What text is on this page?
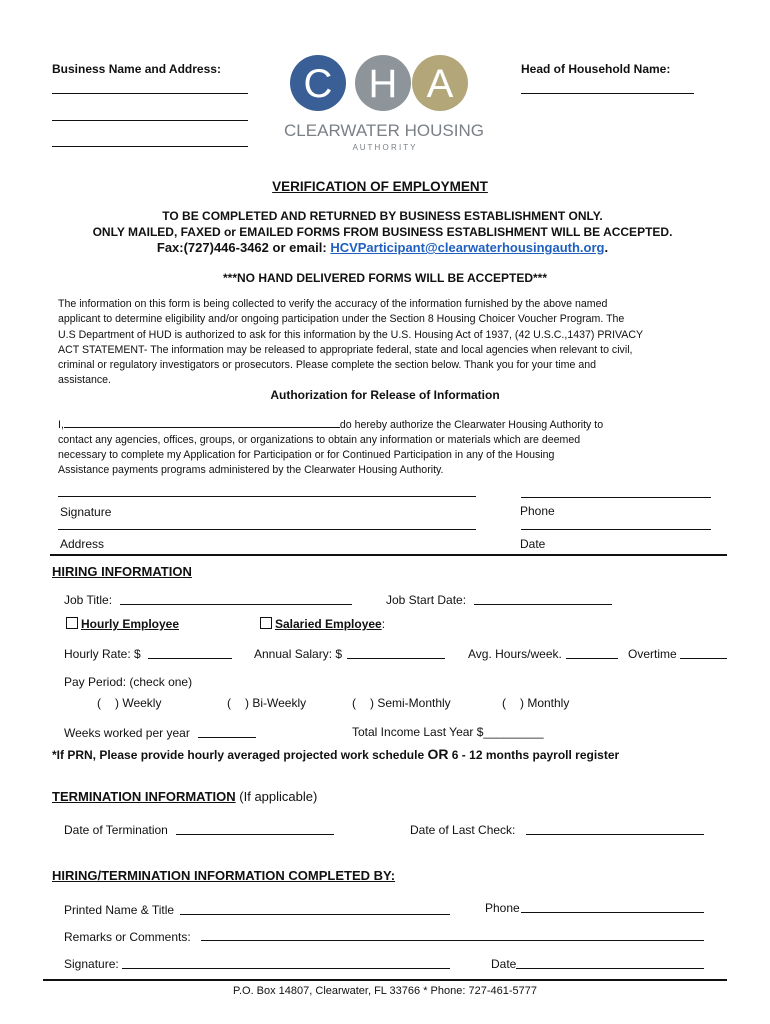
Business Name and Address:	Head of Household Name:
C H A
CLEARWATER HOUSING
A U T H O R I T Y
VERIFICATION OF EMPLOYMENT
TO BE COMPLETED AND RETURNED BY BUSINESS ESTABLISHMENT ONLY.
ONLY MAILED, FAXED or EMAILED FORMS FROM BUSINESS ESTABLISHMENT WILL BE ACCEPTED.
Fax:(727)446-3462 or email: HCVParticipant@clearwaterhousingauth.org.
***NO HAND DELIVERED FORMS WILL BE ACCEPTED***
The information on this form is being collected to verify the accuracy of the information furnished by the above named
applicant to determine eligibility and/or ongoing participation under the Section 8 Housing Choicer Voucher Program. The
U.S Department of HUD is authorized to ask for this information by the U.S. Housing Act of 1937, (42 U.S.C.,1437) PRIVACY
ACT STATEMENT- The information may be released to appropriate federal, state and local agencies when relevant to civil,
criminal or regulatory investigators or prosecutors. Please complete the section below. Thank you for your time and
assistance.
Authorization for Release of Information
I,	do hereby authorize the Clearwater Housing Authority to
contact any agencies, offices, groups, or organizations to obtain any information or materials which are deemed
necessary to complete my Application for Participation or for Continued Participation in any of the Housing
Assistance payments programs administered by the Clearwater Housing Authority.
Signature	Phone
Address	Date
HIRING INFORMATION
Job Title:	Job Start Date:
Hourly Employee	Salaried Employee:
Hourly Rate: $	Annual Salary: $	Avg. Hours/week.	Overtime
Pay Period: (check one)
( ) Weekly	( ) Bi-Weekly	( ) Semi-Monthly	( ) Monthly
Weeks worked per year	Total Income Last Year $_________
*If PRN, Please provide hourly averaged projected work schedule OR 6 - 12 months payroll register
TERMINATION INFORMATION (If applicable)
Date of Termination	Date of Last Check:
HIRING/TERMINATION INFORMATION COMPLETED BY:
Printed Name & Title	Phone
Remarks or Comments:
Signature:	Date
P.O. Box 14807, Clearwater, FL 33766 * Phone: 727-461-5777
